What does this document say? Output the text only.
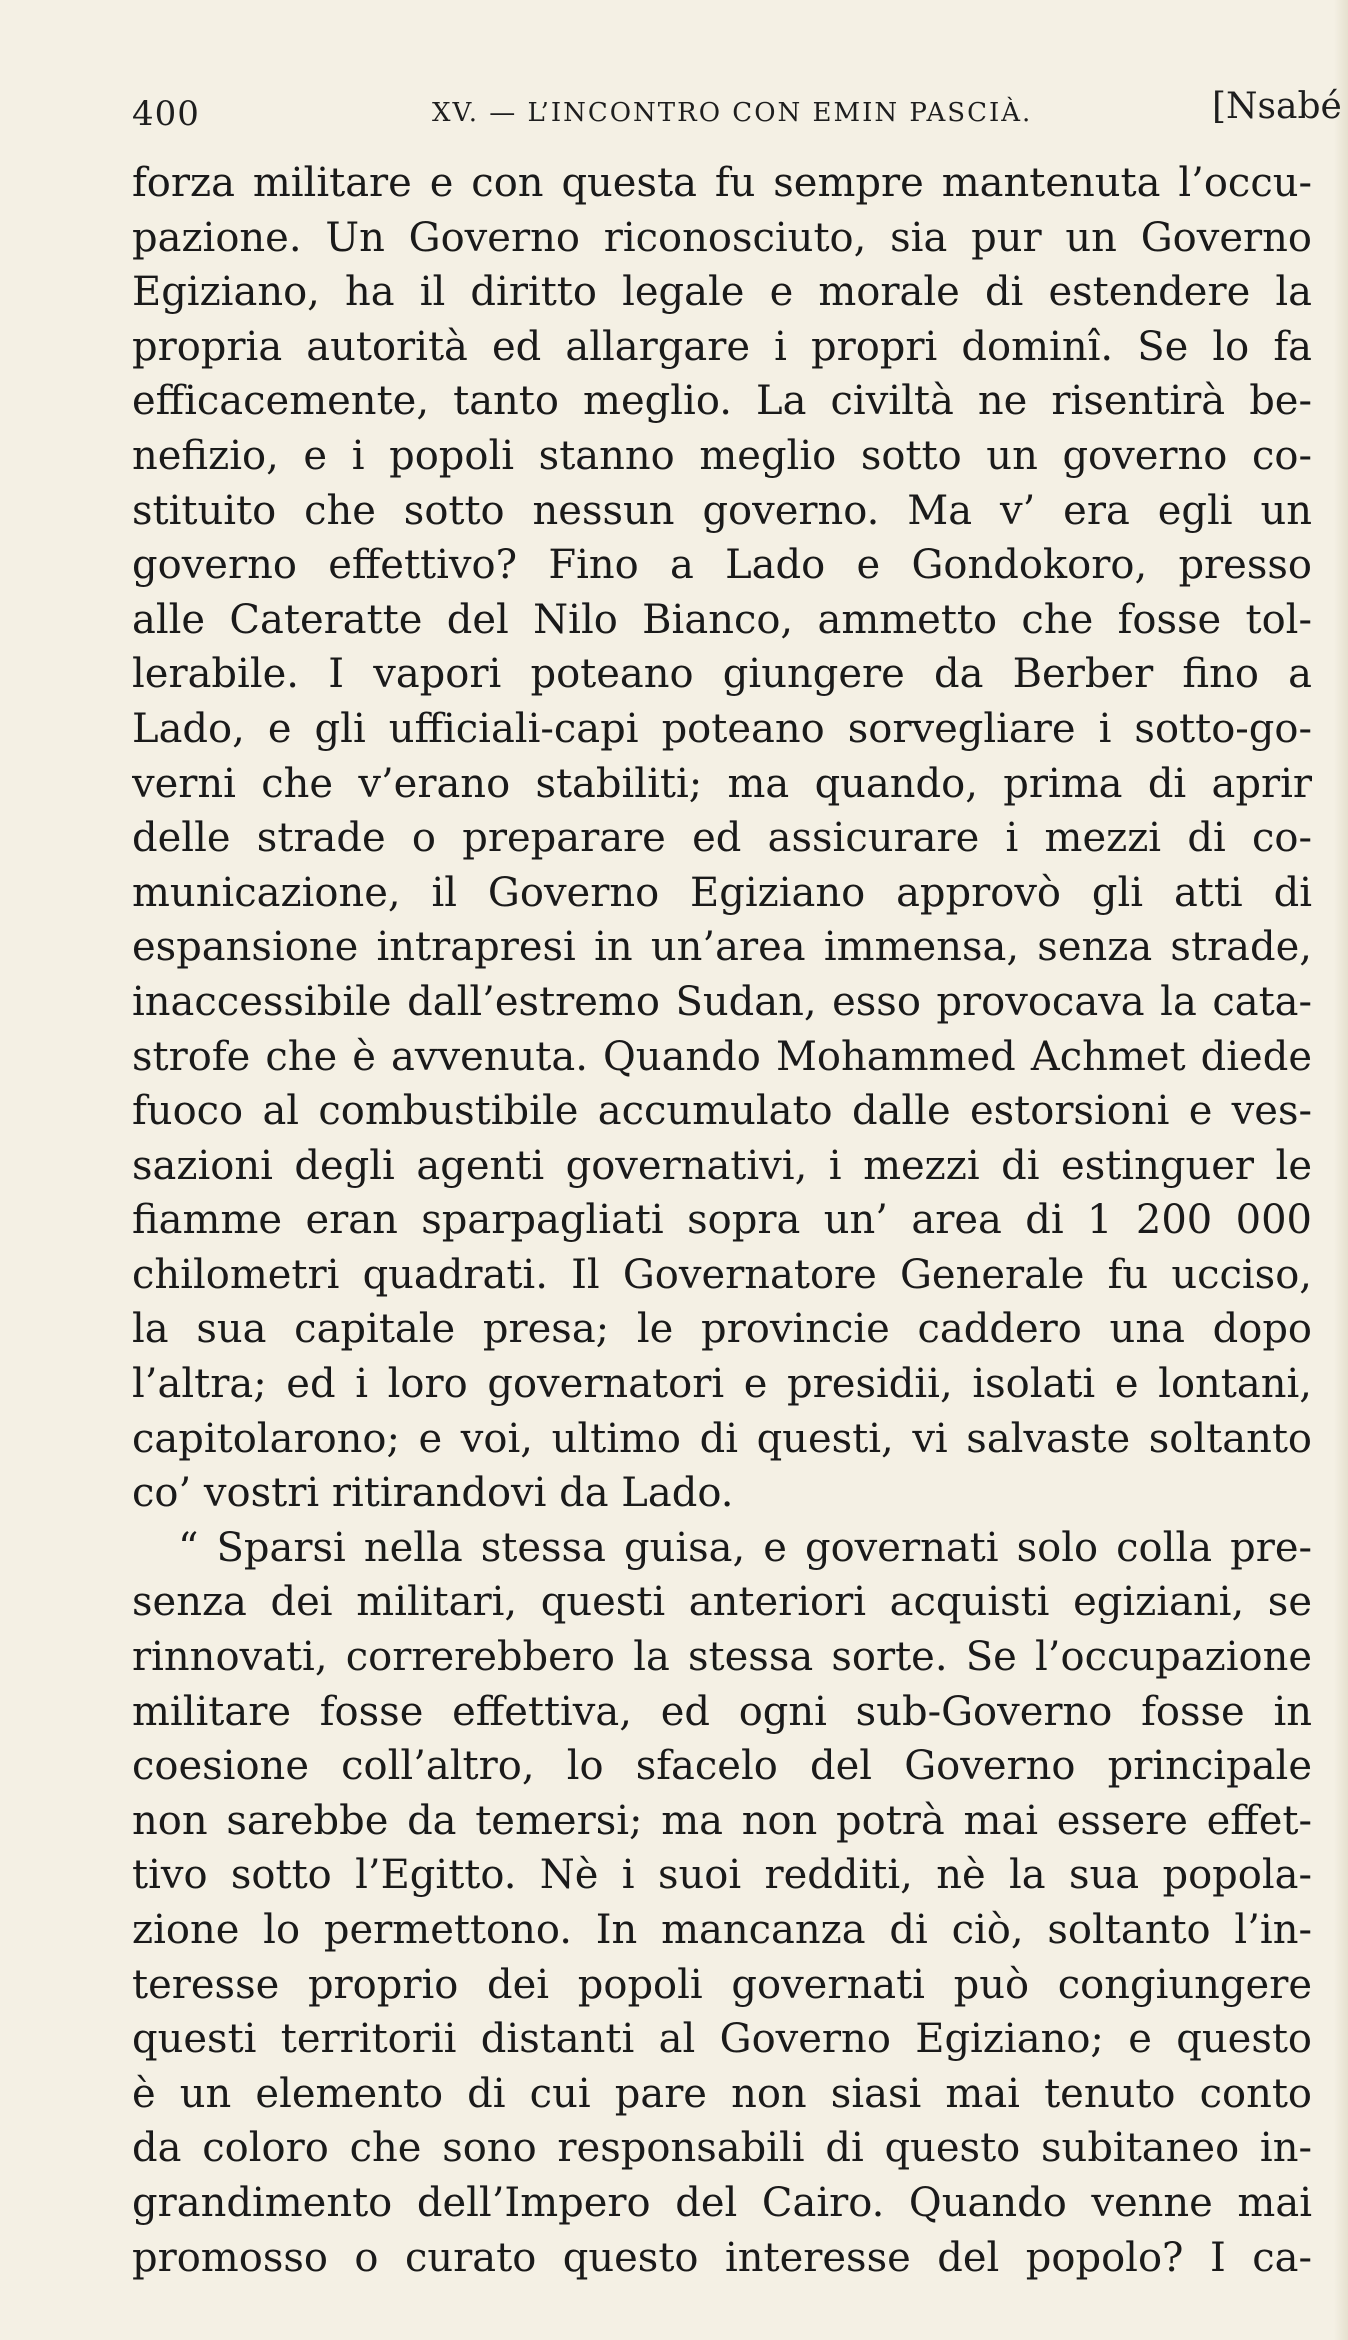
400	XV. — L’INCONTRO CON EMIN PASCIÀ.	[Nsabé
forza militare e con questa fu sempre mantenuta l’occu-
pazione. Un Governo riconosciuto, sia pur un Governo
Egiziano, ha il diritto legale e morale di estendere la
propria autorità ed allargare i propri dominî. Se lo fa
efficacemente, tanto meglio. La civiltà ne risentirà be-
nefizio, e i popoli stanno meglio sotto un governo co-
stituito che sotto nessun governo. Ma v’ era egli un
governo effettivo? Fino a Lado e Gondokoro, presso
alle Cateratte del Nilo Bianco, ammetto che fosse tol-
lerabile. I vapori poteano giungere da Berber fino a
Lado, e gli ufficiali-capi poteano sorvegliare i sotto-go-
verni che v’erano stabiliti; ma quando, prima di aprir
delle strade o preparare ed assicurare i mezzi di co-
municazione, il Governo Egiziano approvò gli atti di
espansione intrapresi in un’area immensa, senza strade,
inaccessibile dall’estremo Sudan, esso provocava la cata-
strofe che è avvenuta. Quando Mohammed Achmet diede
fuoco al combustibile accumulato dalle estorsioni e ves-
sazioni degli agenti governativi, i mezzi di estinguer le
fiamme eran sparpagliati sopra un’ area di 1 200 000
chilometri quadrati. Il Governatore Generale fu ucciso,
la sua capitale presa; le provincie caddero una dopo
l’altra; ed i loro governatori e presidii, isolati e lontani,
capitolarono; e voi, ultimo di questi, vi salvaste soltanto
co’ vostri ritirandovi da Lado.
“ Sparsi nella stessa guisa, e governati solo colla pre-
senza dei militari, questi anteriori acquisti egiziani, se
rinnovati, correrebbero la stessa sorte. Se l’occupazione
militare fosse effettiva, ed ogni sub-Governo fosse in
coesione coll’altro, lo sfacelo del Governo principale
non sarebbe da temersi; ma non potrà mai essere effet-
tivo sotto l’Egitto. Nè i suoi redditi, nè la sua popola-
zione lo permettono. In mancanza di ciò, soltanto l’in-
teresse proprio dei popoli governati può congiungere
questi territorii distanti al Governo Egiziano; e questo
è un elemento di cui pare non siasi mai tenuto conto
da coloro che sono responsabili di questo subitaneo in-
grandimento dell’Impero del Cairo. Quando venne mai
promosso o curato questo interesse del popolo? I ca-
